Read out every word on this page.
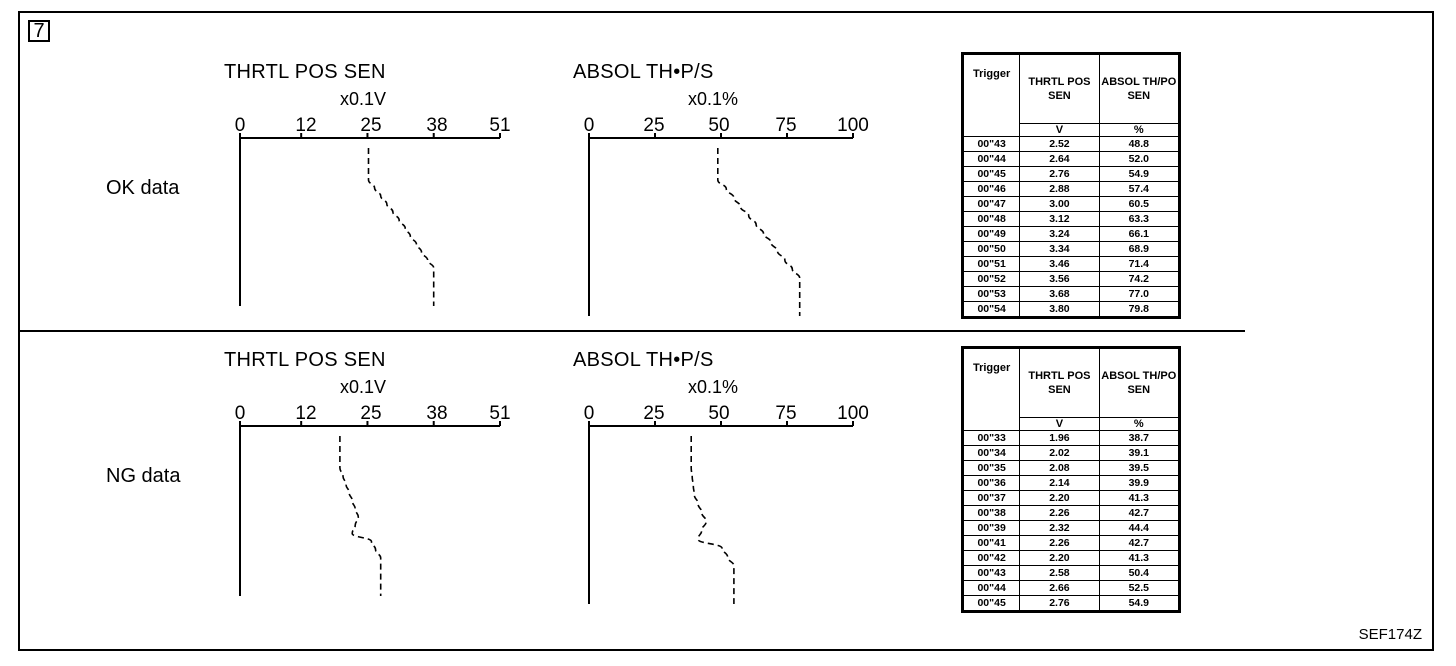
7
OK data
THRTL POS SEN
x0.1V
0	12 25 38 51
ABSOL TH•P/S
x0.1%
0	25 50 75 100
Trigger	THRTL POS SEN	ABSOL TH/PO SEN
	V	%
00"43	2.52	48.8
00"44	2.64	52.0
00"45	2.76	54.9
00"46	2.88	57.4
00"47	3.00	60.5
00"48	3.12	63.3
00"49	3.24	66.1
00"50	3.34	68.9
00"51	3.46	71.4
00"52	3.56	74.2
00"53	3.68	77.0
00"54	3.80	79.8
NG data
THRTL POS SEN
x0.1V
0	12 25 38 51
ABSOL TH•P/S
x0.1%
0	25 50 75 100
Trigger	THRTL POS SEN	ABSOL TH/PO SEN
	V	%
00"33	1.96	38.7
00"34	2.02	39.1
00"35	2.08	39.5
00"36	2.14	39.9
00"37	2.20	41.3
00"38	2.26	42.7
00"39	2.32	44.4
00"41	2.26	42.7
00"42	2.20	41.3
00"43	2.58	50.4
00"44	2.66	52.5
00"45	2.76	54.9
SEF174Z
